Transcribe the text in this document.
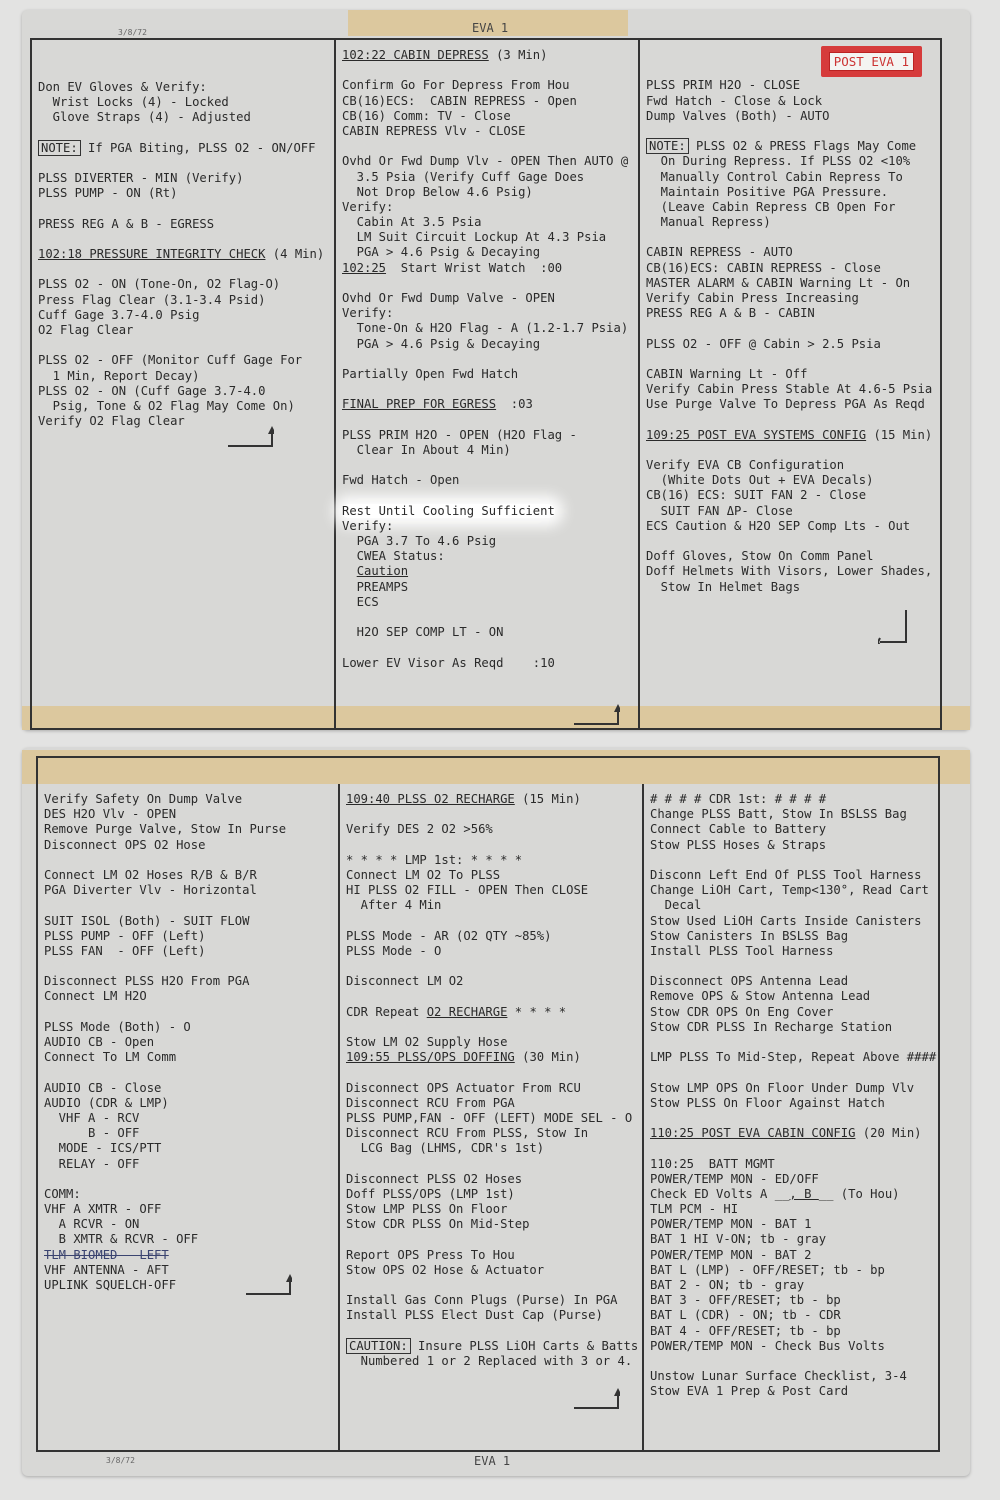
3/8/72	EVA 1
Don EV Gloves & Verify:
Wrist Locks (4) - Locked
Glove Straps (4) - Adjusted
NOTE: If PGA Biting, PLSS O2 - ON/OFF
PLSS DIVERTER - MIN (Verify)
PLSS PUMP - ON (Rt)
PRESS REG A & B - EGRESS
102:18 PRESSURE INTEGRITY CHECK (4 Min)
PLSS O2 - ON (Tone-On, O2 Flag-O)
Press Flag Clear (3.1-3.4 Psid)
Cuff Gage 3.7-4.0 Psig
O2 Flag Clear
PLSS O2 - OFF (Monitor Cuff Gage For
1 Min, Report Decay)
PLSS O2 - ON (Cuff Gage 3.7-4.0
Psig, Tone & O2 Flag May Come On)
Verify O2 Flag Clear
102:22 CABIN DEPRESS (3 Min)
Confirm Go For Depress From Hou
CB(16)ECS:  CABIN REPRESS - Open
CB(16) Comm: TV - Close
CABIN REPRESS Vlv - CLOSE
Ovhd Or Fwd Dump Vlv - OPEN Then AUTO @
3.5 Psia (Verify Cuff Gage Does
Not Drop Below 4.6 Psig)
Verify:
Cabin At 3.5 Psia
LM Suit Circuit Lockup At 4.3 Psia
PGA > 4.6 Psig & Decaying
102:25  Start Wrist Watch  :00
Ovhd Or Fwd Dump Valve - OPEN
Verify:
Tone-On & H2O Flag - A (1.2-1.7 Psia)
PGA > 4.6 Psig & Decaying
Partially Open Fwd Hatch
FINAL PREP FOR EGRESS  :03
PLSS PRIM H2O - OPEN (H2O Flag -
Clear In About 4 Min)
Fwd Hatch - Open
Rest Until Cooling Sufficient
Verify:
PGA 3.7 To 4.6 Psig
CWEA Status:
Caution
PREAMPS
ECS
H2O SEP COMP LT - ON
Lower EV Visor As Reqd    :10
PLSS PRIM H2O - CLOSE
Fwd Hatch - Close & Lock
Dump Valves (Both) - AUTO
NOTE: PLSS O2 & PRESS Flags May Come
On During Repress. If PLSS O2 <10%
Manually Control Cabin Repress To
Maintain Positive PGA Pressure.
(Leave Cabin Repress CB Open For
Manual Repress)
CABIN REPRESS - AUTO
CB(16)ECS: CABIN REPRESS - Close
MASTER ALARM & CABIN Warning Lt - On
Verify Cabin Press Increasing
PRESS REG A & B - CABIN
PLSS O2 - OFF @ Cabin > 2.5 Psia
CABIN Warning Lt - Off
Verify Cabin Press Stable At 4.6-5 Psia
Use Purge Valve To Depress PGA As Reqd
109:25 POST EVA SYSTEMS CONFIG (15 Min)
Verify EVA CB Configuration
(White Dots Out + EVA Decals)
CB(16) ECS: SUIT FAN 2 - Close
SUIT FAN ΔP- Close
ECS Caution & H2O SEP Comp Lts - Out
Doff Gloves, Stow On Comm Panel
Doff Helmets With Visors, Lower Shades,
Stow In Helmet Bags
POST EVA 1
3/8/72	EVA 1
Verify Safety On Dump Valve
DES H2O Vlv - OPEN
Remove Purge Valve, Stow In Purse
Disconnect OPS O2 Hose
Connect LM O2 Hoses R/B & B/R
PGA Diverter Vlv - Horizontal
SUIT ISOL (Both) - SUIT FLOW
PLSS PUMP - OFF (Left)
PLSS FAN  - OFF (Left)
Disconnect PLSS H2O From PGA
Connect LM H2O
PLSS Mode (Both) - O
AUDIO CB - Open
Connect To LM Comm
AUDIO CB - Close
AUDIO (CDR & LMP)
VHF A - RCV
B - OFF
MODE - ICS/PTT
RELAY - OFF
COMM:
VHF A XMTR - OFF
A RCVR - ON
B XMTR & RCVR - OFF
TLM BIOMED - LEFT
VHF ANTENNA - AFT
UPLINK SQUELCH-OFF
109:40 PLSS O2 RECHARGE (15 Min)
Verify DES 2 O2 >56%
* * * * LMP 1st: * * * *
Connect LM O2 To PLSS
HI PLSS O2 FILL - OPEN Then CLOSE
After 4 Min
PLSS Mode - AR (O2 QTY ~85%)
PLSS Mode - O
Disconnect LM O2
CDR Repeat O2 RECHARGE * * * *
Stow LM O2 Supply Hose
109:55 PLSS/OPS DOFFING (30 Min)
Disconnect OPS Actuator From RCU
Disconnect RCU From PGA
PLSS PUMP,FAN - OFF (LEFT) MODE SEL - O
Disconnect RCU From PLSS, Stow In
LCG Bag (LHMS, CDR's 1st)
Disconnect PLSS O2 Hoses
Doff PLSS/OPS (LMP 1st)
Stow LMP PLSS On Floor
Stow CDR PLSS On Mid-Step
Report OPS Press To Hou
Stow OPS O2 Hose & Actuator
Install Gas Conn Plugs (Purse) In PGA
Install PLSS Elect Dust Cap (Purse)
CAUTION: Insure PLSS LiOH Carts & Batts
Numbered 1 or 2 Replaced with 3 or 4.
# # # # CDR 1st: # # # #
Change PLSS Batt, Stow In BSLSS Bag
Connect Cable to Battery
Stow PLSS Hoses & Straps
Disconn Left End Of PLSS Tool Harness
Change LiOH Cart, Temp<130°, Read Cart
Decal
Stow Used LiOH Carts Inside Canisters
Stow Canisters In BSLSS Bag
Install PLSS Tool Harness
Disconnect OPS Antenna Lead
Remove OPS & Stow Antenna Lead
Stow CDR OPS On Eng Cover
Stow CDR PLSS In Recharge Station
LMP PLSS To Mid-Step, Repeat Above ####
Stow LMP OPS On Floor Under Dump Vlv
Stow PLSS On Floor Against Hatch
110:25 POST EVA CABIN CONFIG (20 Min)
110:25  BATT MGMT
POWER/TEMP MON - ED/OFF
Check ED Volts A __, B __ (To Hou)
TLM PCM - HI
POWER/TEMP MON - BAT 1
BAT 1 HI V-ON; tb - gray
POWER/TEMP MON - BAT 2
BAT L (LMP) - OFF/RESET; tb - bp
BAT 2 - ON; tb - gray
BAT 3 - OFF/RESET; tb - bp
BAT L (CDR) - ON; tb - CDR
BAT 4 - OFF/RESET; tb - bp
POWER/TEMP MON - Check Bus Volts
Unstow Lunar Surface Checklist, 3-4
Stow EVA 1 Prep & Post Card
